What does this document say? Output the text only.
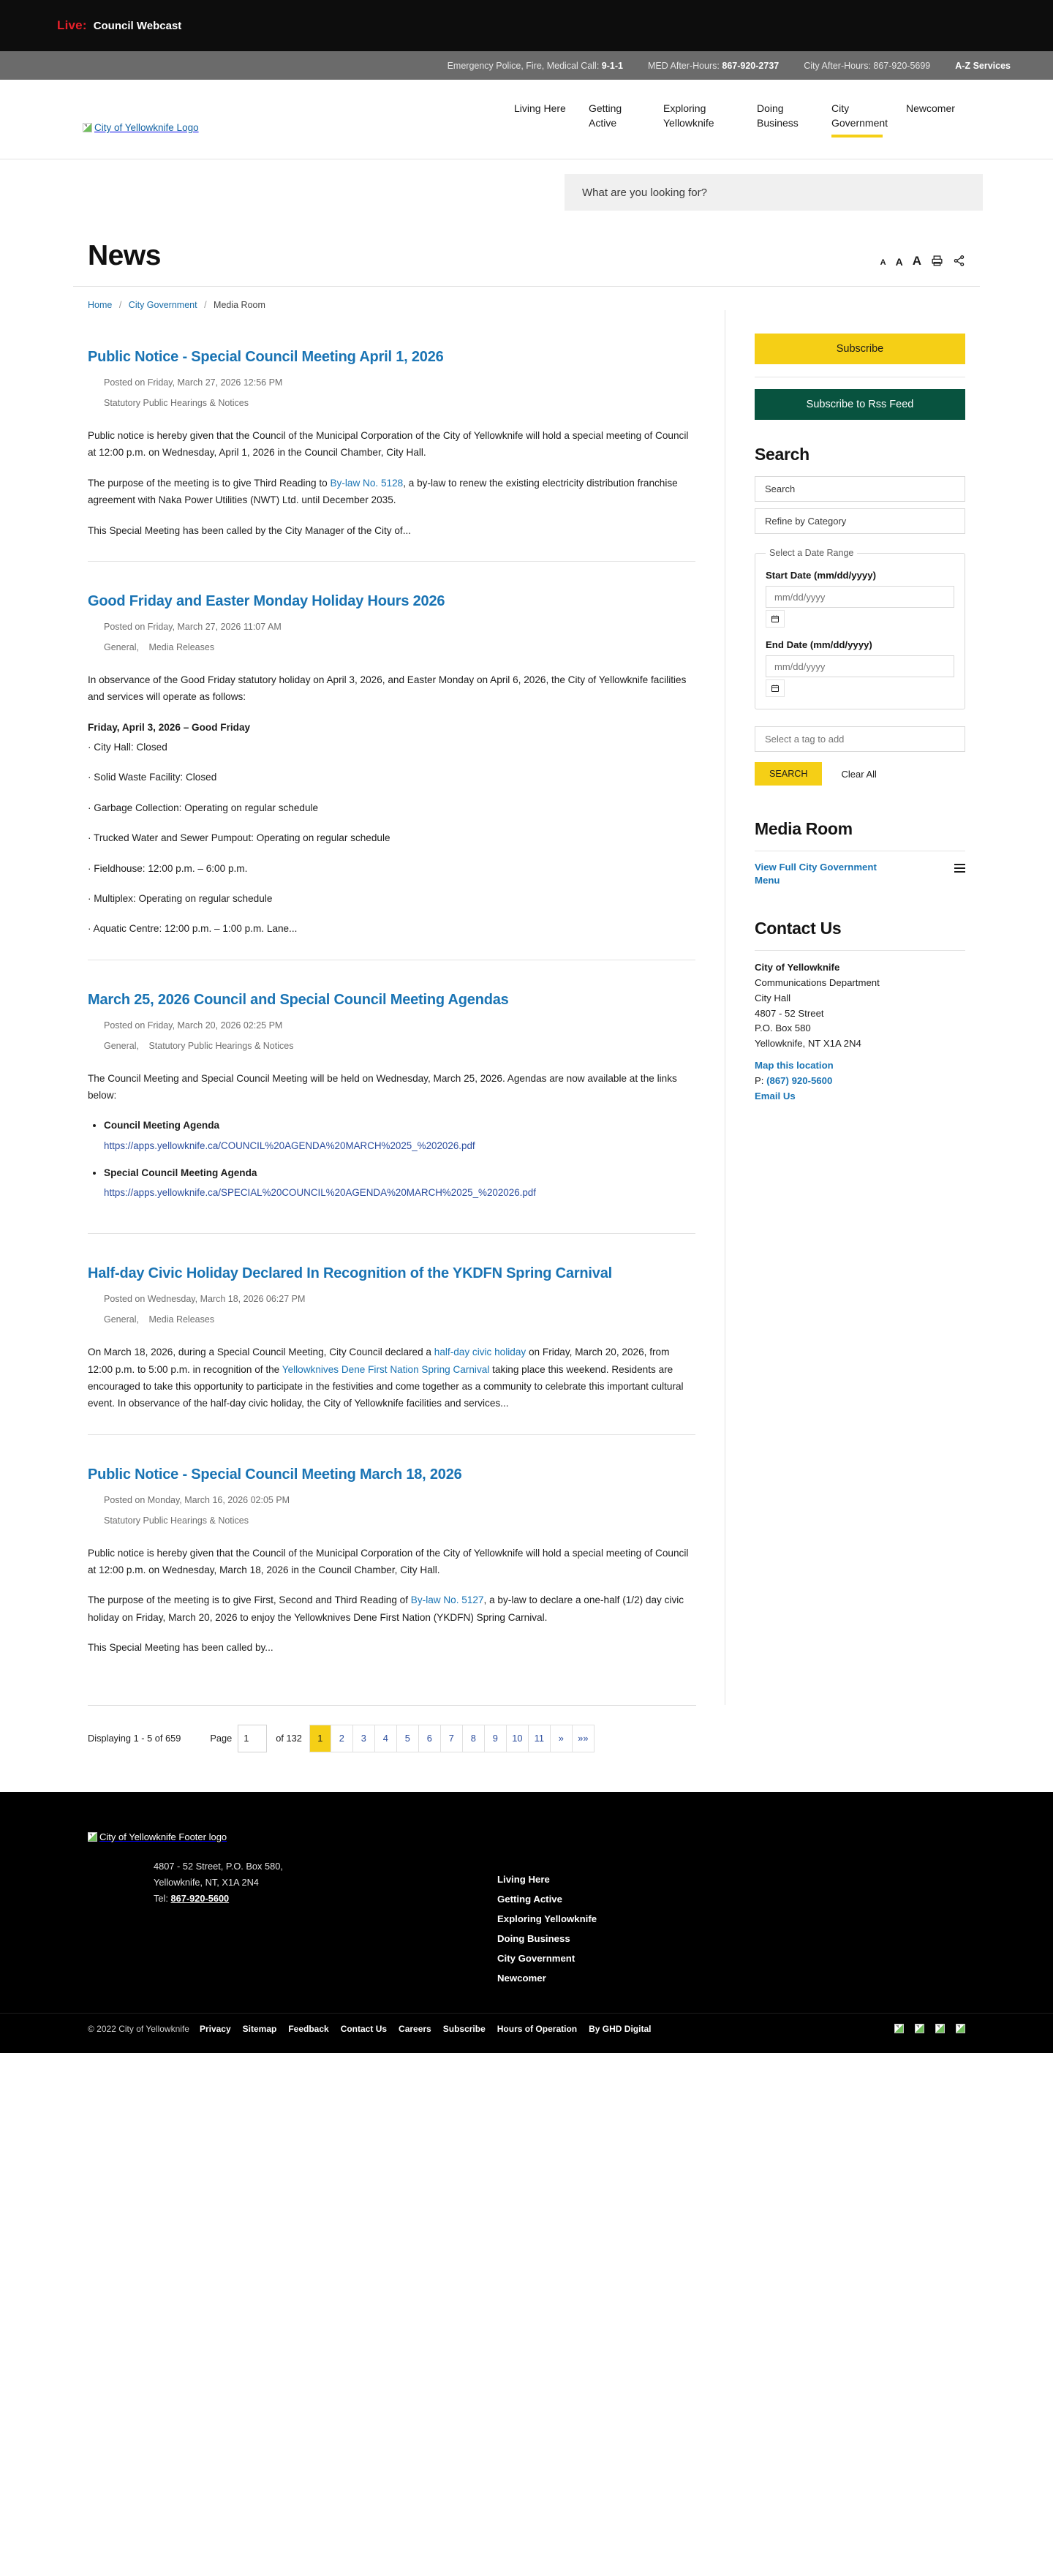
Live: Council Webcast
Emergency Police, Fire, Medical Call: 9-1-1	MED After-Hours: 867-920-2737	City After-Hours: 867-920-5699	A-Z Services
City of Yellowknife Logo
Living Here	Getting Active
Exploring Yellowknife
Doing Business
City Government
Newcomer
What are you looking for?
News	A A A
Home / City Government / Media Room
Public Notice - Special Council Meeting April 1, 2026
Posted on Friday, March 27, 2026 12:56 PM
Statutory Public Hearings & Notices

Public notice is hereby given that the Council of the Municipal Corporation of the City of Yellowknife will hold a special meeting of Council at 12:00 p.m. on Wednesday, April 1, 2026 in the Council Chamber, City Hall.

The purpose of the meeting is to give Third Reading to By-law No. 5128, a by-law to renew the existing electricity distribution franchise agreement with Naka Power Utilities (NWT) Ltd. until December 2035.

This Special Meeting has been called by the City Manager of the City of...

Good Friday and Easter Monday Holiday Hours 2026
Posted on Friday, March 27, 2026 11:07 AM
General, Media Releases

In observance of the Good Friday statutory holiday on April 3, 2026, and Easter Monday on April 6, 2026, the City of Yellowknife facilities and services will operate as follows:

Friday, April 3, 2026 – Good Friday

· City Hall: Closed

· Solid Waste Facility: Closed

· Garbage Collection: Operating on regular schedule

· Trucked Water and Sewer Pumpout: Operating on regular schedule

· Fieldhouse: 12:00 p.m. – 6:00 p.m.

· Multiplex: Operating on regular schedule

· Aquatic Centre: 12:00 p.m. – 1:00 p.m. Lane...

March 25, 2026 Council and Special Council Meeting Agendas
Posted on Friday, March 20, 2026 02:25 PM
General, Statutory Public Hearings & Notices

The Council Meeting and Special Council Meeting will be held on Wednesday, March 25, 2026. Agendas are now available at the links below:

• Council Meeting Agenda
https://apps.yellowknife.ca/COUNCIL%20AGENDA%20MARCH%2025_%202026.pdf
• Special Council Meeting Agenda
https://apps.yellowknife.ca/SPECIAL%20COUNCIL%20AGENDA%20MARCH%2025_%202026.pdf
Half-day Civic Holiday Declared In Recognition of the YKDFN Spring Carnival
Posted on Wednesday, March 18, 2026 06:27 PM
General, Media Releases

On March 18, 2026, during a Special Council Meeting, City Council declared a half-day civic holiday on Friday, March 20, 2026, from 12:00 p.m. to 5:00 p.m. in recognition of the Yellowknives Dene First Nation Spring Carnival taking place this weekend. Residents are encouraged to take this opportunity to participate in the festivities and come together as a community to celebrate this important cultural event. In observance of the half-day civic holiday, the City of Yellowknife facilities and services...

Public Notice - Special Council Meeting March 18, 2026
Posted on Monday, March 16, 2026 02:05 PM
Statutory Public Hearings & Notices

Public notice is hereby given that the Council of the Municipal Corporation of the City of Yellowknife will hold a special meeting of Council at 12:00 p.m. on Wednesday, March 18, 2026 in the Council Chamber, City Hall.

The purpose of the meeting is to give First, Second and Third Reading of By-law No. 5127, a by-law to declare a one-half (1/2) day civic holiday on Friday, March 20, 2026 to enjoy the Yellowknives Dene First Nation (YKDFN) Spring Carnival.

This Special Meeting has been called by...

Subscribe
Subscribe to Rss Feed
Search
Search Refine by Category
Select a Date Range
Start Date (mm/dd/yyyy)
mm/dd/yyyy
End Date (mm/dd/yyyy)
mm/dd/yyyy
Select a tag to add
SEARCH	Clear All
Media Room
View Full City Government Menu
Contact Us
City of Yellowknife
Communications Department
City Hall
4807 - 52 Street
P.O. Box 580
Yellowknife, NT X1A 2N4
Map this location
P: (867) 920-5600
Email Us
Displaying 1 - 5 of 659	Page
1	of 132	1	2	3	4	5	6	7	8	9	10	11	»	»»
City of Yellowknife Footer logo
4807 - 52 Street, P.O. Box 580,
Yellowknife, NT, X1A 2N4
Tel: 867-920-5600
Living Here
Getting Active
Exploring Yellowknife
Doing Business
City Government
Newcomer
© 2022 City of Yellowknife Privacy Sitemap Feedback Contact Us Careers Subscribe Hours of Operation By GHD Digital
